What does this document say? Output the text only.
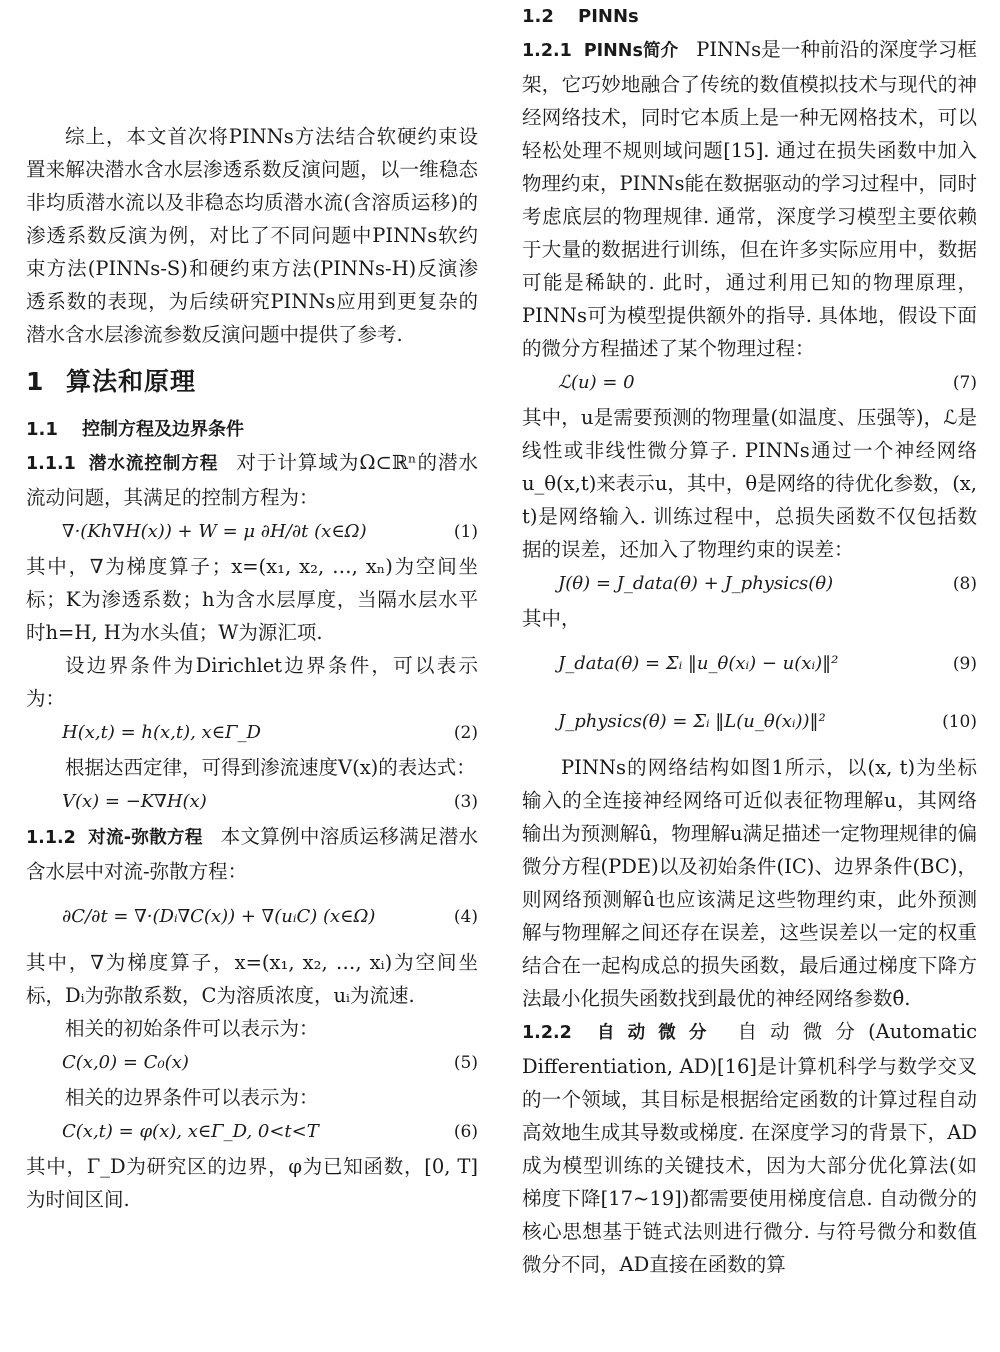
综上，本文首次将PINNs方法结合软硬约束设置来解决潜水含水层渗透系数反演问题，以一维稳态非均质潜水流以及非稳态均质潜水流(含溶质运移)的渗透系数反演为例，对比了不同问题中PINNs软约束方法(PINNs-S)和硬约束方法(PINNs-H)反演渗透系数的表现，为后续研究PINNs应用到更复杂的潜水含水层渗流参数反演问题中提供了参考.

1 算法和原理
1.1 控制方程及边界条件

1.1.1 潜水流控制方程 对于计算域为Ω⊂ℝⁿ的潜水流动问题，其满足的控制方程为：

∇·(Kh∇H(x)) + W = μ ∂H/∂t (x∈Ω)	(1)

其中，∇为梯度算子；x=(x₁, x₂, …, xₙ)为空间坐标；K为渗透系数；h为含水层厚度，当隔水层水平时h=H, H为水头值；W为源汇项.

设边界条件为Dirichlet边界条件，可以表示为：

H(x,t) = h(x,t), x∈Γ_D	(2)

根据达西定律，可得到渗流速度V(x)的表达式：

V(x) = −K∇H(x)	(3)

1.1.2 对流-弥散方程 本文算例中溶质运移满足潜水含水层中对流-弥散方程：

∂C/∂t = ∇·(Dᵢ∇C(x)) + ∇(uᵢC) (x∈Ω)	(4)

其中，∇为梯度算子，x=(x₁, x₂, …, xᵢ)为空间坐标，Dᵢ为弥散系数，C为溶质浓度，uᵢ为流速.

相关的初始条件可以表示为：

C(x,0) = C₀(x)	(5)

相关的边界条件可以表示为：

C(x,t) = φ(x), x∈Γ_D, 0<t<T	(6)

其中，Γ_D为研究区的边界，φ为已知函数，[0, T]为时间区间.

1.2 PINNs

1.2.1 PINNs简介 PINNs是一种前沿的深度学习框架，它巧妙地融合了传统的数值模拟技术与现代的神经网络技术，同时它本质上是一种无网格技术，可以轻松处理不规则域问题[15]. 通过在损失函数中加入物理约束，PINNs能在数据驱动的学习过程中，同时考虑底层的物理规律. 通常，深度学习模型主要依赖于大量的数据进行训练，但在许多实际应用中，数据可能是稀缺的. 此时，通过利用已知的物理原理，PINNs可为模型提供额外的指导. 具体地，假设下面的微分方程描述了某个物理过程：

ℒ(u) = 0	(7)

其中，u是需要预测的物理量(如温度、压强等)，ℒ是线性或非线性微分算子. PINNs通过一个神经网络u_θ(x,t)来表示u，其中，θ是网络的待优化参数，(x, t)是网络输入. 训练过程中，总损失函数不仅包括数据的误差，还加入了物理约束的误差：

J(θ) = J_data(θ) + J_physics(θ)	(8)

其中，

J_data(θ) = Σᵢ ‖u_θ(xᵢ) − u(xᵢ)‖²	(9)
J_physics(θ) = Σᵢ ‖L(u_θ(xᵢ))‖²	(10)

PINNs的网络结构如图1所示，以(x, t)为坐标输入的全连接神经网络可近似表征物理解u，其网络输出为预测解û，物理解u满足描述一定物理规律的偏微分方程(PDE)以及初始条件(IC)、边界条件(BC)，则网络预测解û也应该满足这些物理约束，此外预测解与物理解之间还存在误差，这些误差以一定的权重结合在一起构成总的损失函数，最后通过梯度下降方法最小化损失函数找到最优的神经网络参数θ̂.

1.2.2 自动微分 自动微分(Automatic Differentiation, AD)[16]是计算机科学与数学交叉的一个领域，其目标是根据给定函数的计算过程自动高效地生成其导数或梯度. 在深度学习的背景下，AD成为模型训练的关键技术，因为大部分优化算法(如梯度下降[17~19])都需要使用梯度信息. 自动微分的核心思想基于链式法则进行微分. 与符号微分和数值微分不同，AD直接在函数的算
